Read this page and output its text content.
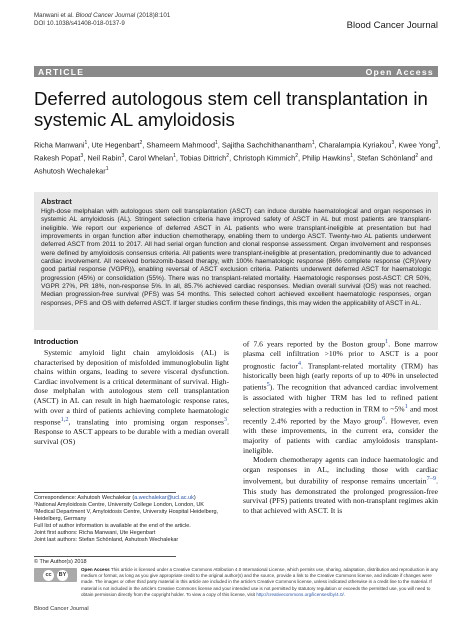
Manwani et al. Blood Cancer Journal (2018)8:101
DOI 10.1038/s41408-018-0137-9	Blood Cancer Journal
ARTICLE	Open Access
Deferred autologous stem cell transplantation in systemic AL amyloidosis
Richa Manwani$^1$, Ute Hegenbart$^2$, Shameem Mahmood$^1$, Sajitha Sachchithanantham$^1$, Charalampia Kyriakou$^3$, Kwee Yong$^3$, Rakesh Popat$^3$, Neil Rabin$^3$, Carol Whelan$^1$, Tobias Dittrich$^2$, Christoph Kimmich$^2$, Philip Hawkins$^1$, Stefan Schönland$^2$ and Ashutosh Wechalekar$^1$
Abstract

High-dose melphalan with autologous stem cell transplantation (ASCT) can induce durable haematological and organ responses in systemic AL amyloidosis (AL). Stringent selection criteria have improved safety of ASCT in AL but most patients are transplant-ineligible. We report our experience of deferred ASCT in AL patients who were transplant-ineligible at presentation but had improvements in organ function after induction chemotherapy, enabling them to undergo ASCT. Twenty-two AL patients underwent deferred ASCT from 2011 to 2017. All had serial organ function and clonal response assessment. Organ involvement and responses were defined by amyloidosis consensus criteria. All patients were transplant-ineligible at presentation, predominantly due to advanced cardiac involvement. All received bortezomib-based therapy, with 100% haematologic response (86% complete response (CR)/very good partial response (VGPR)), enabling reversal of ASCT exclusion criteria. Patients underwent deferred ASCT for haematologic progression (45%) or consolidation (55%). There was no transplant-related mortality. Haematologic responses post-ASCT: CR 50%, VGPR 27%, PR 18%, non-response 5%. In all, 85.7% achieved cardiac responses. Median overall survival (OS) was not reached. Median progression-free survival (PFS) was 54 months. This selected cohort achieved excellent haematologic responses, organ responses, PFS and OS with deferred ASCT. If larger studies confirm these findings, this may widen the applicability of ASCT in AL.

Introduction

Systemic amyloid light chain amyloidosis (AL) is characterised by deposition of misfolded immunoglobulin light chains within organs, leading to severe visceral dysfunction. Cardiac involvement is a critical determinant of survival. High-dose melphalan with autologous stem cell transplantation (ASCT) in AL can result in high haematologic response rates, with over a third of patients achieving complete haematologic response$^{1,2}$, translating into promising organ responses$^3$. Response to ASCT appears to be durable with a median overall survival (OS)

of 7.6 years reported by the Boston group$^1$. Bone marrow plasma cell infiltration >10% prior to ASCT is a poor prognostic factor$^4$. Transplant-related mortality (TRM) has historically been high (early reports of up to 40% in unselected patients$^5$). The recognition that advanced cardiac involvement is associated with higher TRM has led to refined patient selection strategies with a reduction in TRM to ~5%$^1$ and most recently 2.4% reported by the Mayo group$^6$. However, even with these improvements, in the current era, consider the majority of patients with cardiac amyloidosis transplant-ineligible.

Modern chemotherapy agents can induce haematologic and organ responses in AL, including those with cardiac involvement, but durability of response remains uncertain$^{7-9}$. This study has demonstrated the prolonged progression-free survival (PFS) patients treated with non-transplant regimes akin to that achieved with ASCT. It is

Correspondence: Ashutosh Wechalekar (a.wechalekar@ucl.ac.uk)
¹National Amyloidosis Centre, University College London, London, UK
²Medical Department V, Amyloidosis Centre, University Hospital Heidelberg, Heidelberg, Germany
Full list of author information is available at the end of the article.
Joint first authors: Richa Manwani, Ute Hegenbart
Joint last authors: Stefan Schönland, Ashutosh Wechalekar
© The Author(s) 2018
cc	BY
Open Access This article is licensed under a Creative Commons Attribution 4.0 International License, which permits use, sharing, adaptation, distribution and reproduction in any medium or format, as long as you give appropriate credit to the original author(s) and the source, provide a link to the Creative Commons license, and indicate if changes were made. The images or other third party material in this article are included in the article's Creative Commons license, unless indicated otherwise in a credit line to the material. If material is not included in the article's Creative Commons license and your intended use is not permitted by statutory regulation or exceeds the permitted use, you will need to obtain permission directly from the copyright holder. To view a copy of this license, visit http://creativecommons.org/licenses/by/4.0/.
Blood Cancer Journal
